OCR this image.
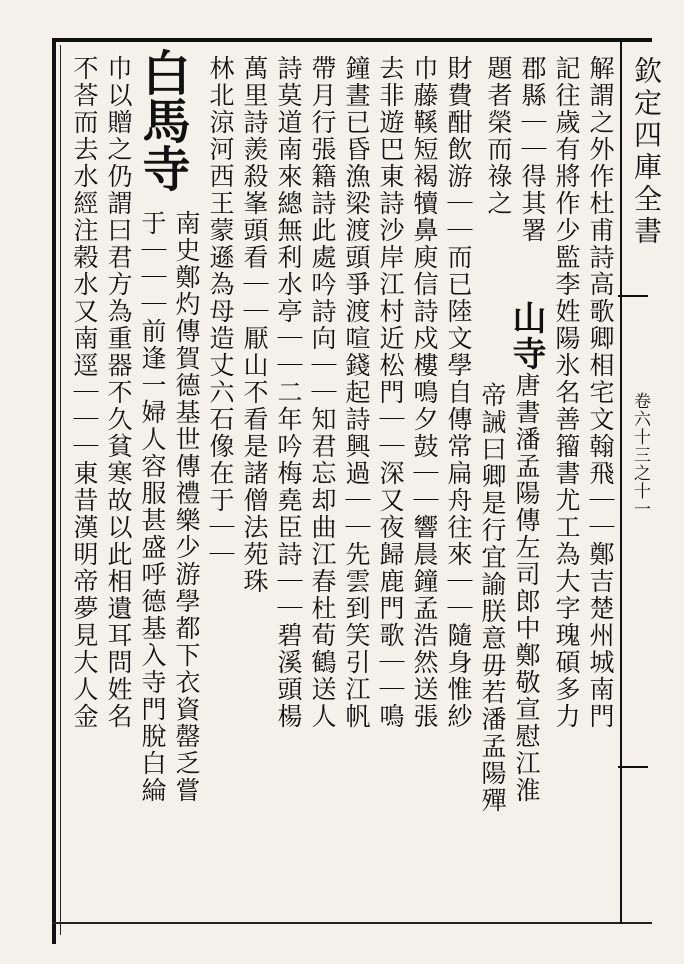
欽定四庫全書
卷六十三之十一
解謂之外作杜甫詩高歌卿相宅文翰飛｜｜鄭吉楚州城南門
記往歲有將作少監李姓陽氷名善籀書尤工為大字瑰碩多力
郡縣｜｜得其署
題者榮而祿之
山寺唐書潘孟陽傳左司郎中鄭敬宣慰江淮
帝誡曰卿是行宜諭朕意毋若潘孟陽殫
財費酣飲游｜｜而已陸文學自傳常扁舟往來｜｜隨身惟紗
巾藤鞵短褐犢鼻庾信詩戍樓鳴夕鼓｜｜響晨鐘孟浩然送張
去非遊巴東詩沙岸江村近松門｜｜深又夜歸鹿門歌｜｜鳴
鐘晝已昏漁梁渡頭爭渡喧錢起詩興過｜｜先雲到笑引江帆
帶月行張籍詩此處吟詩向｜｜知君忘却曲江春杜荀鶴送人
詩莫道南來總無利水亭｜｜二年吟梅堯臣詩｜｜碧溪頭楊
萬里詩羨殺峯頭看｜｜厭山不看是諸僧法苑珠
林北涼河西王蒙遜為母造丈六石像在于｜｜
白馬寺
南史鄭灼傳賀德基世傳禮樂少游學都下衣資罄乏嘗
于｜｜｜前逢一婦人容服甚盛呼德基入寺門脫白綸
巾以贈之仍謂曰君方為重器不久貧寒故以此相遺耳問姓名
不荅而去水經注榖水又南逕｜｜｜東昔漢明帝夢見大人金
